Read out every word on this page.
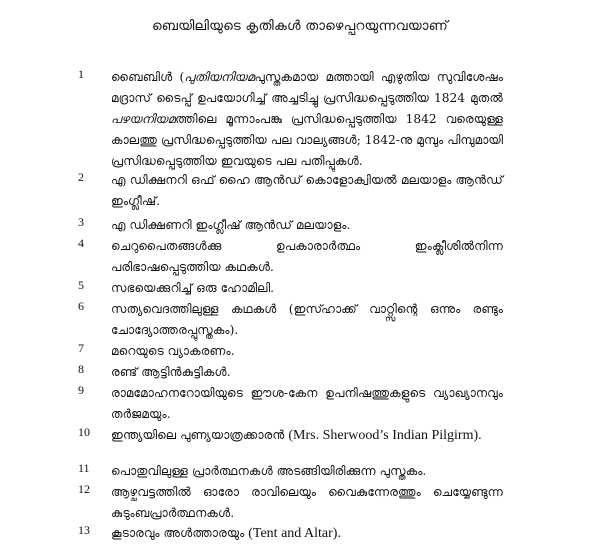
ബെയിലിയുടെ കൃതികൾ താഴെപ്പറയുന്നവയാണ്
1 ബൈബിൾ (പുതിയനിയമപുസ്തകമായ മത്തായി എഴുതിയ സുവിശേഷം മദ്രാസ് ടൈപ്പ് ഉപയോഗിച്ച് അച്ചടിച്ചു പ്രസിദ്ധപ്പെടുത്തിയ 1824 മുതൽ പഴയനിയമത്തിലെ മൂന്നാംപങ്കു പ്രസിദ്ധപ്പെടുത്തിയ 1842 വരെയുള്ള കാലത്തു പ്രസിദ്ധപ്പെടുത്തിയ പല വാല്യങ്ങൾ; 1842-നു മുമ്പും പിമ്പുമായി പ്രസിദ്ധപ്പെടുത്തിയ ഇവയുടെ പല പതിപ്പുകൾ.
2 എ ഡിക്ഷനറി ഒഫ് ഹൈ ആൻഡ് കൊളോക്വിയൽ മലയാളം ആൻഡ് ഇംഗ്ലീഷ്.
3 എ ഡിക്ഷണറി ഇംഗ്ലീഷ് ആൻഡ് മലയാളം.
4 ചെറുപൈതങ്ങൾക്കു ഉപകാരാർത്ഥം ഇംക്ലീശിൽനിന്ന പരിഭാഷപ്പെടുത്തിയ കഥകൾ.
5 സഭയെക്കുറിച്ച് ഒരു ഹോമിലി.
6 സത്യവെദത്തിലുള്ള കഥകൾ (ഇസ്ഹാക്ക് വാറ്റ്സിന്റെ ഒന്നും രണ്ടും ചോദ്യോത്തരപ്പുസ്തകം).
7 മറെയുടെ വ്യാകരണം.
8 രണ്ട് ആട്ടിൻകുട്ടികൾ.
9 രാമമോഹനറോയിയുടെ ഈശ-കേന ഉപനിഷത്തുകളുടെ വ്യാഖ്യാനവും തർജമയും.
10 ഇന്ത്യയിലെ പുണ്യയാത്രക്കാരൻ (Mrs. Sherwood’s Indian Pilgirm).
11 പൊതുവിലുള്ള പ്രാർത്ഥനകൾ അടങ്ങിയിരിക്കുന്ന പുസ്തകം.
12 ആഴ്ചവട്ടത്തിൽ ഓരോ രാവിലെയും വൈകുന്നേരത്തും ചെയ്യേണ്ടുന്ന കുടുംബപ്രാർത്ഥനകൾ.
13 കൂടാരവും അൾത്താരയും (Tent and Altar).
